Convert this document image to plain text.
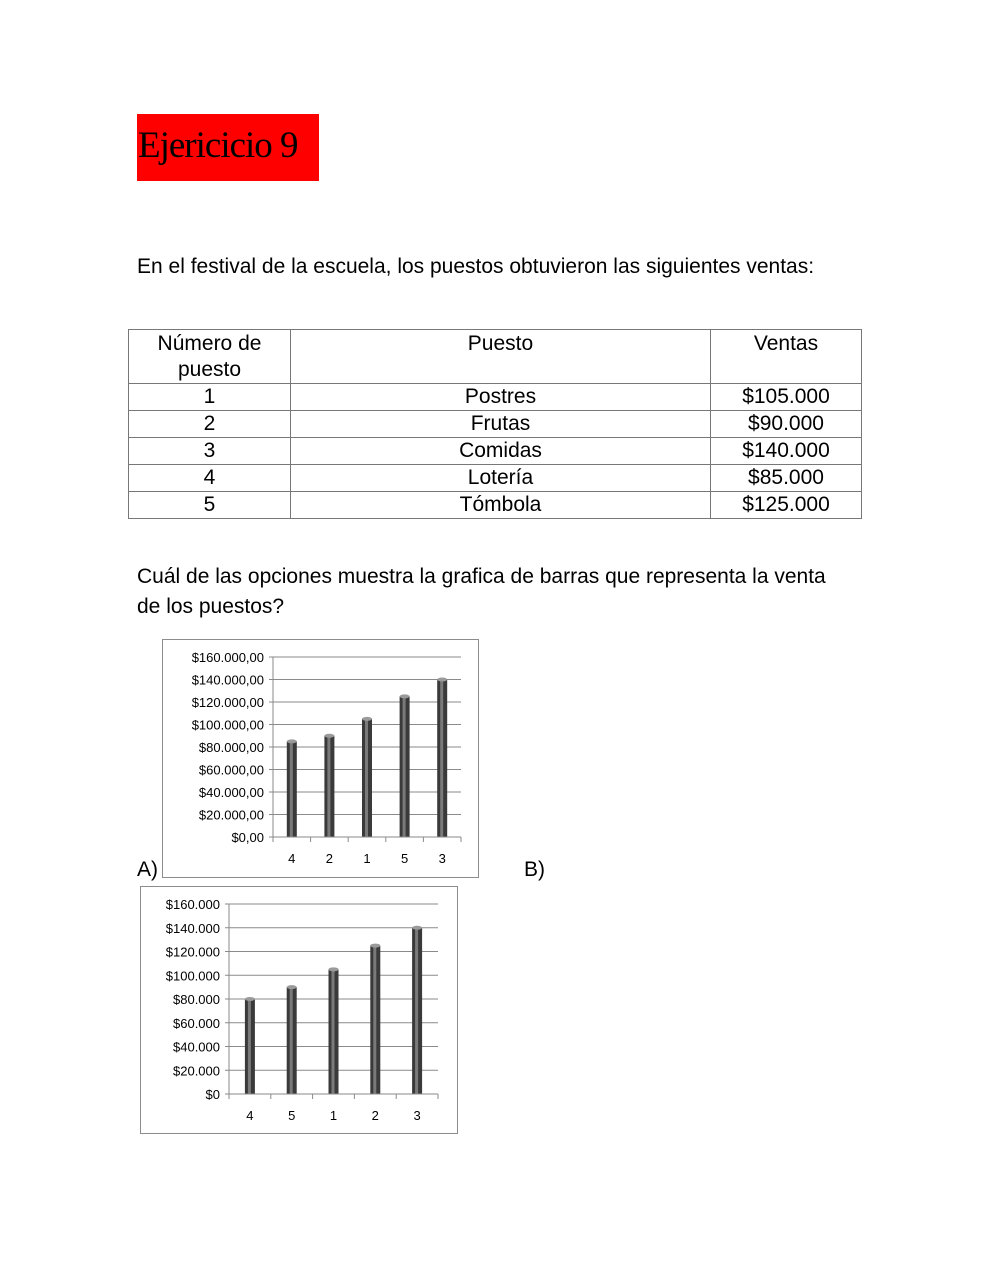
Ejericicio 9
En el festival de la escuela, los puestos obtuvieron las siguientes ventas:
Número de puesto	Puesto	Ventas
1	Postres	$105.000
2	Frutas	$90.000
3	Comidas	$140.000
4	Lotería	$85.000
5	Tómbola	$125.000
Cuál de las opciones muestra la grafica de barras que representa la venta de los puestos?
$0,00
$20.000,00
$40.000,00
$60.000,00
$80.000,00
$100.000,00
$120.000,00
$140.000,00
$160.000,00
4 2 1 5 3
A)	B)
$0
$20.000
$40.000
$60.000
$80.000
$100.000
$120.000
$140.000
$160.000
4	5	1	2	3
